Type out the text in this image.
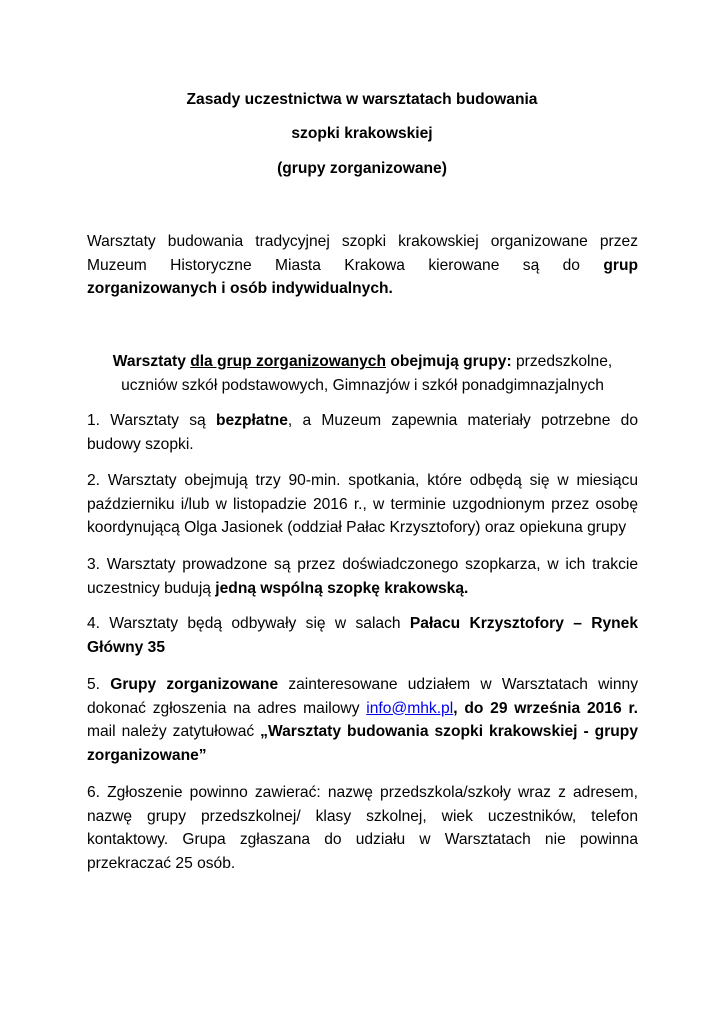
Zasady uczestnictwa w warsztatach budowania
szopki krakowskiej
(grupy zorganizowane)
Warsztaty budowania tradycyjnej szopki krakowskiej organizowane przez Muzeum Historyczne Miasta Krakowa kierowane są do grup zorganizowanych i osób indywidualnych.
Warsztaty dla grup zorganizowanych obejmują grupy: przedszkolne, uczniów szkół podstawowych, Gimnazjów i szkół ponadgimnazjalnych
1. Warsztaty są bezpłatne, a Muzeum zapewnia materiały potrzebne do budowy szopki.
2. Warsztaty obejmują trzy 90-min. spotkania, które odbędą się w miesiącu październiku i/lub w listopadzie 2016 r., w terminie uzgodnionym przez osobę koordynującą Olga Jasionek (oddział Pałac Krzysztofory) oraz opiekuna grupy
3. Warsztaty prowadzone są przez doświadczonego szopkarza, w ich trakcie uczestnicy budują jedną wspólną szopkę krakowską.
4. Warsztaty będą odbywały się w salach Pałacu Krzysztofory – Rynek Główny 35
5. Grupy zorganizowane zainteresowane udziałem w Warsztatach winny dokonać zgłoszenia na adres mailowy info@mhk.pl, do 29 września 2016 r. mail należy zatytułować „Warsztaty budowania szopki krakowskiej - grupy zorganizowane”
6. Zgłoszenie powinno zawierać: nazwę przedszkola/szkoły wraz z adresem, nazwę grupy przedszkolnej/ klasy szkolnej, wiek uczestników, telefon kontaktowy. Grupa zgłaszana do udziału w Warsztatach nie powinna przekraczać 25 osób.
